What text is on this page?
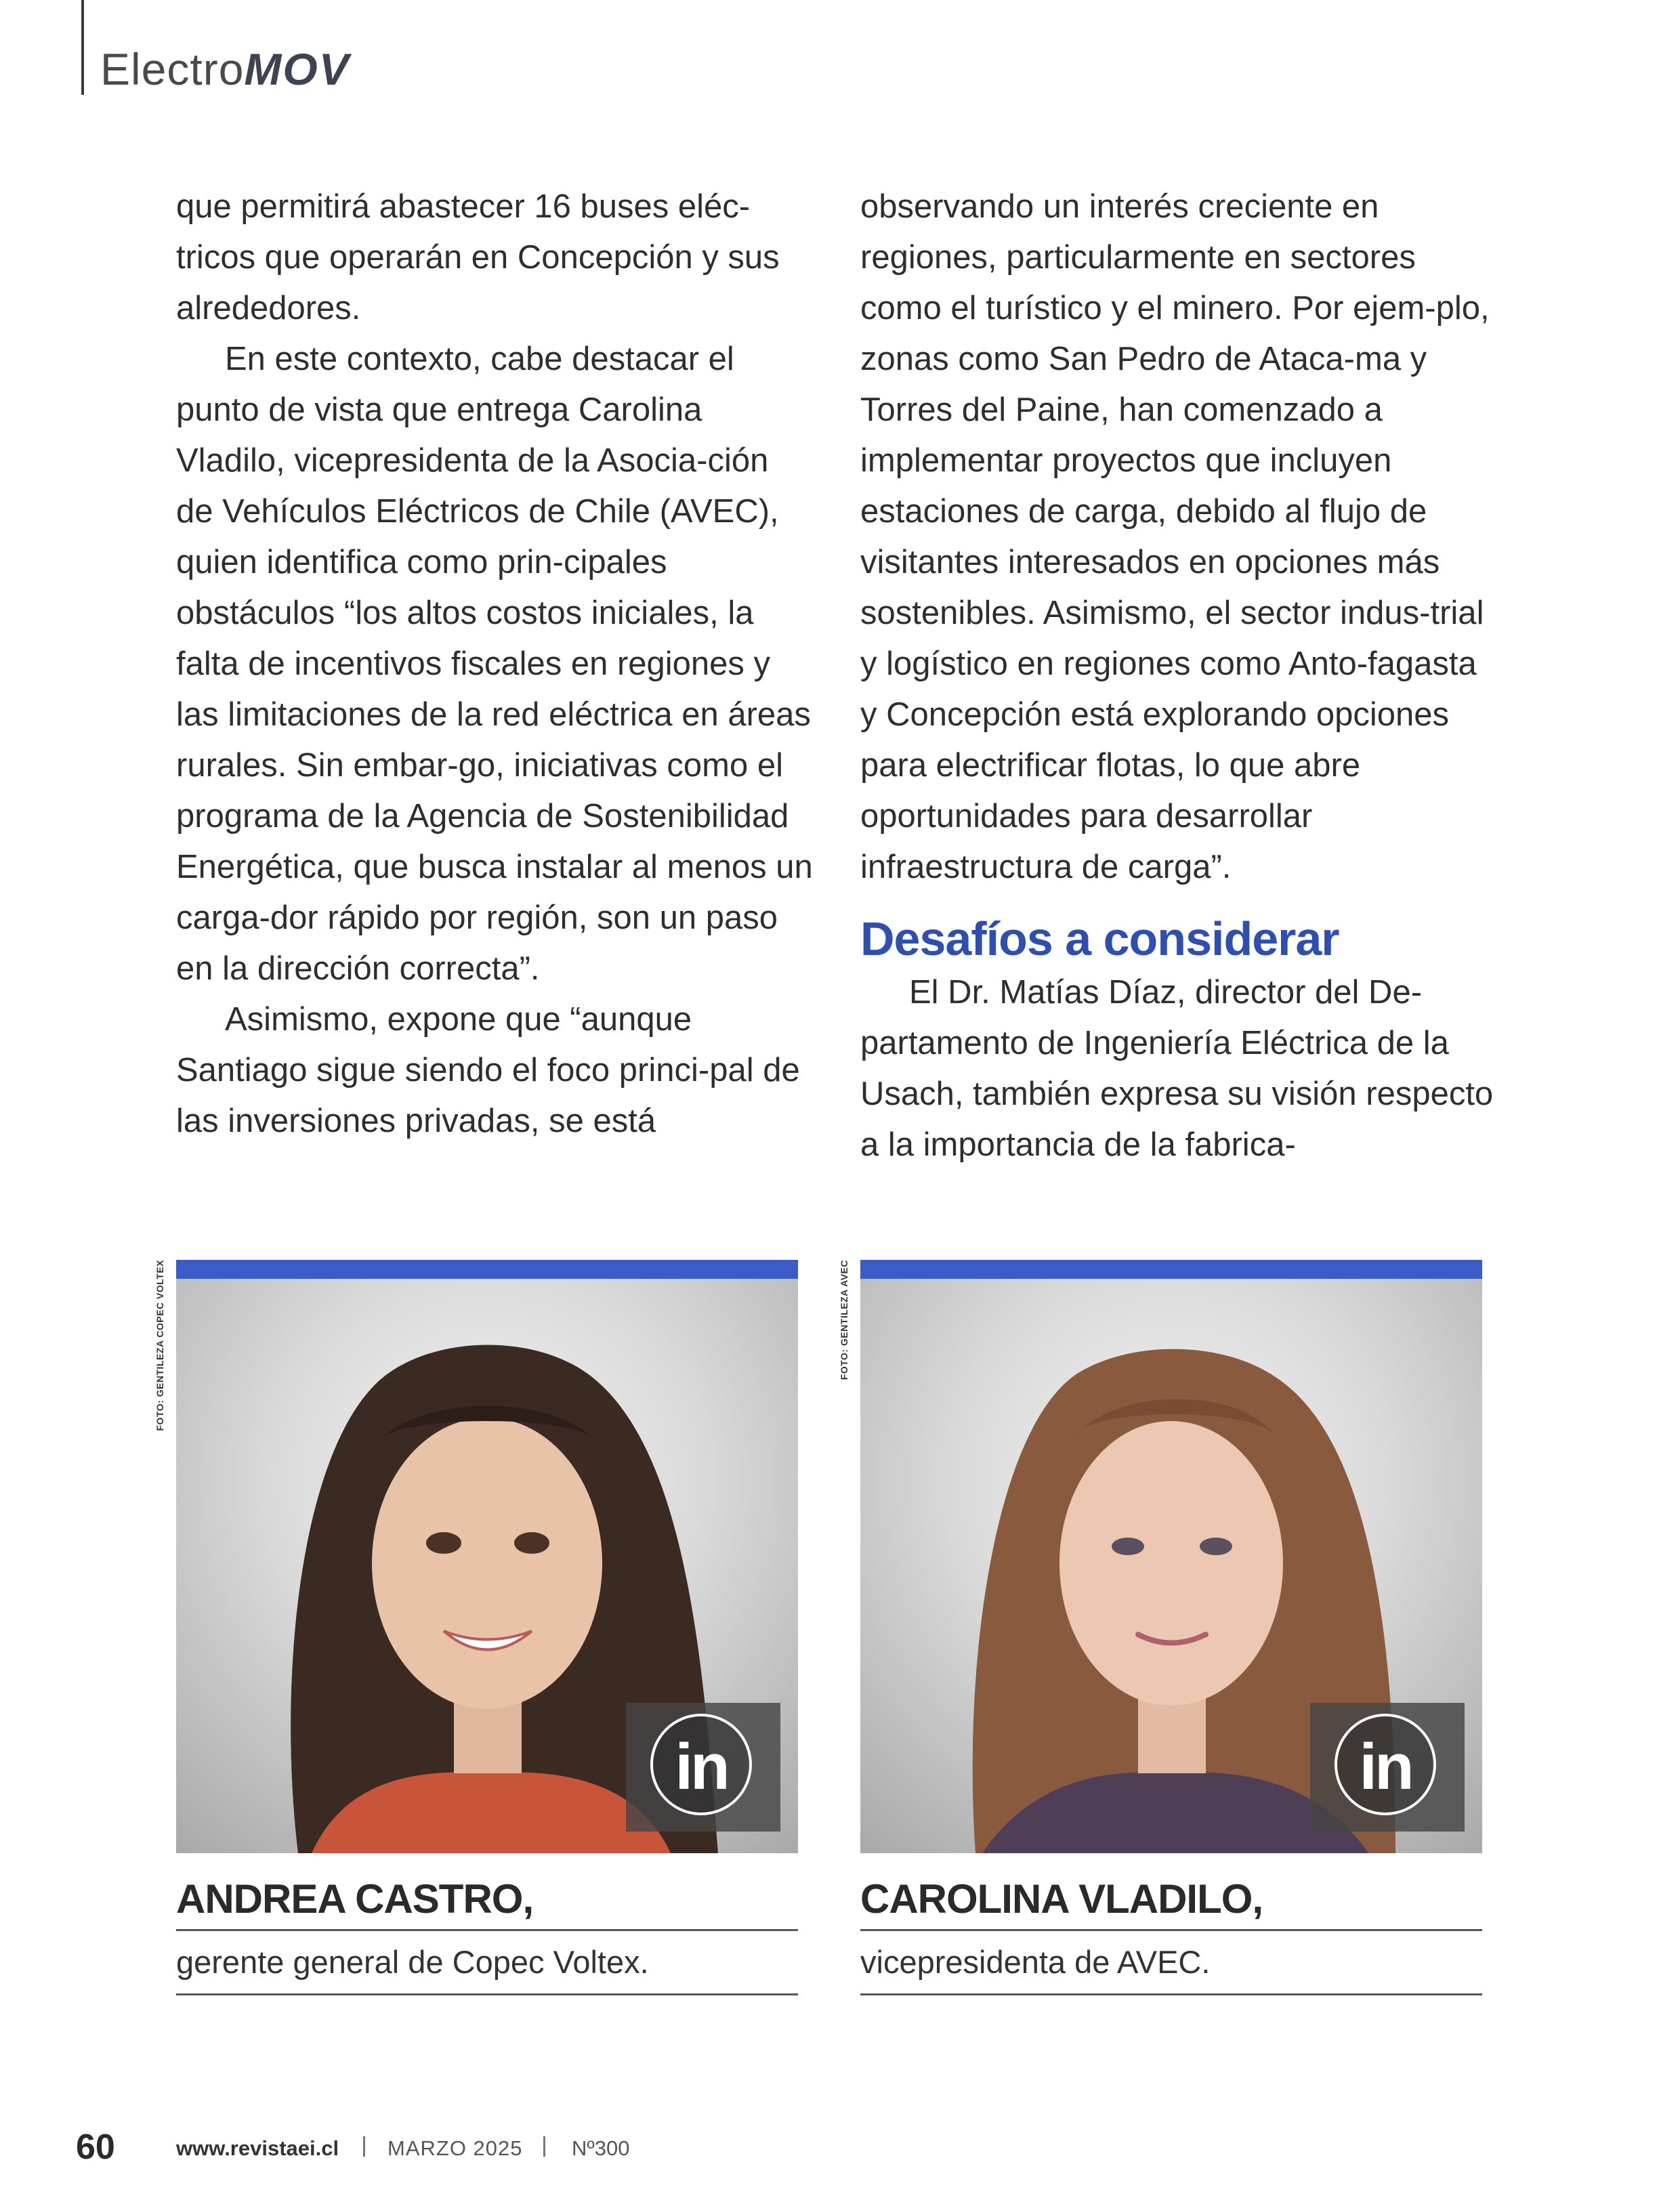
ElectroMOV

que permitirá abastecer 16 buses eléc-tricos que operarán en Concepción y sus alrededores.

En este contexto, cabe destacar el punto de vista que entrega Carolina Vladilo, vicepresidenta de la Asocia-ción de Vehículos Eléctricos de Chile (AVEC), quien identifica como prin-cipales obstáculos “los altos costos iniciales, la falta de incentivos fiscales en regiones y las limitaciones de la red eléctrica en áreas rurales. Sin embar-go, iniciativas como el programa de la Agencia de Sostenibilidad Energética, que busca instalar al menos un carga-dor rápido por región, son un paso en la dirección correcta”.

Asimismo, expone que “aunque Santiago sigue siendo el foco princi-pal de las inversiones privadas, se está

observando un interés creciente en regiones, particularmente en sectores como el turístico y el minero. Por ejem-plo, zonas como San Pedro de Ataca-ma y Torres del Paine, han comenzado a implementar proyectos que incluyen estaciones de carga, debido al flujo de visitantes interesados en opciones más sostenibles. Asimismo, el sector indus-trial y logístico en regiones como Anto-fagasta y Concepción está explorando opciones para electrificar flotas, lo que abre oportunidades para desarrollar infraestructura de carga”.

Desafíos a considerar

El Dr. Matías Díaz, director del De-partamento de Ingeniería Eléctrica de la Usach, también expresa su visión respecto a la importancia de la fabrica-

FOTO: GENTILEZA COPEC VOLTEX
in
ANDREA CASTRO,
gerente general de Copec Voltex.
FOTO: GENTILEZA AVEC
in
CAROLINA VLADILO,
vicepresidenta de AVEC.
60	www.revistaei.cl MARZO 2025 Nº300
